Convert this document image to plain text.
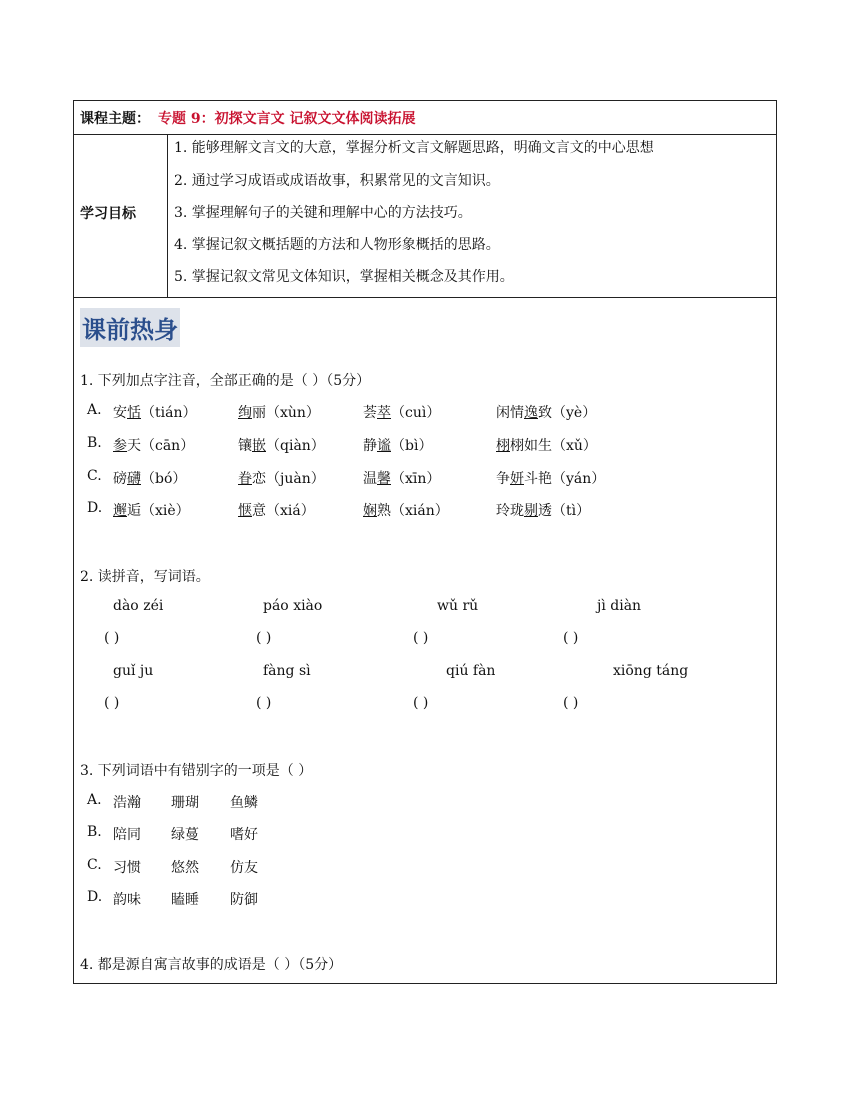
课程主题： 专题 9：初探文言文 记叙文文体阅读拓展
学习目标
1. 能够理解文言文的大意，掌握分析文言文解题思路，明确文言文的中心思想
2. 通过学习成语或成语故事，积累常见的文言知识。
3. 掌握理解句子的关键和理解中心的方法技巧。
4. 掌握记叙文概括题的方法和人物形象概括的思路。
5. 掌握记叙文常见文体知识，掌握相关概念及其作用。
课前热身
1. 下列加点字注音，全部正确的是（ ）（5分）
A. 安恬（tián）	绚丽（xùn）	荟萃（cuì）	闲情逸致（yè）
B. 参天（cān）	镶嵌（qiàn）	静谧（bì）	栩栩如生（xǔ）
C. 磅礴（bó）	眷恋（juàn）	温馨（xīn）	争妍斗艳（yán）
D. 邂逅（xiè）	惬意（xiá）	娴熟（xián）	玲珑剔透（tì）
2. 读拼音，写词语。
dào zéi	páo xiào	wǔ rǔ	jì diàn
( )	( )	( )	( )
guǐ ju	fàng sì	qiú fàn	xiōng táng
( )	( )	( )	( )
3. 下列词语中有错别字的一项是（ ）
A. 浩瀚 珊瑚 鱼鳞
B. 陪同 绿蔓 嗜好
C. 习惯 悠然 仿友
D. 韵味 瞌睡 防御
4. 都是源自寓言故事的成语是（ ）（5分）
